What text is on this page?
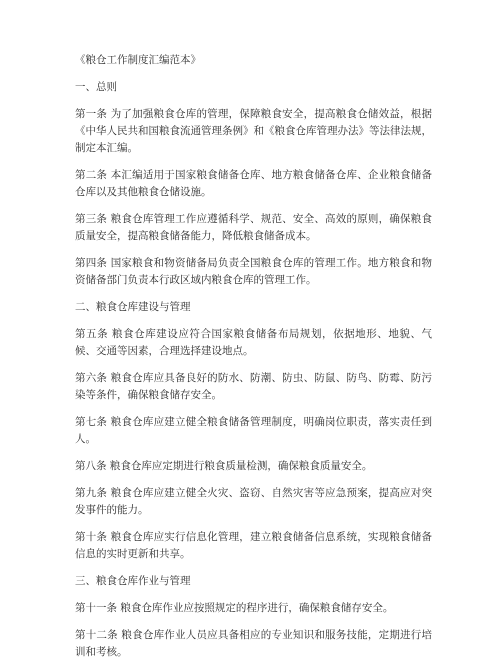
《粮仓工作制度汇编范本》
一、总则
第一条 为了加强粮食仓库的管理，保障粮食安全，提高粮食仓储效益，根据《中华人民共和国粮食流通管理条例》和《粮食仓库管理办法》等法律法规，制定本汇编。
第二条 本汇编适用于国家粮食储备仓库、地方粮食储备仓库、企业粮食储备仓库以及其他粮食仓储设施。
第三条 粮食仓库管理工作应遵循科学、规范、安全、高效的原则，确保粮食质量安全，提高粮食储备能力，降低粮食储备成本。
第四条 国家粮食和物资储备局负责全国粮食仓库的管理工作。地方粮食和物资储备部门负责本行政区域内粮食仓库的管理工作。
二、粮食仓库建设与管理
第五条 粮食仓库建设应符合国家粮食储备布局规划，依据地形、地貌、气候、交通等因素，合理选择建设地点。
第六条 粮食仓库应具备良好的防水、防潮、防虫、防鼠、防鸟、防霉、防污染等条件，确保粮食储存安全。
第七条 粮食仓库应建立健全粮食储备管理制度，明确岗位职责，落实责任到人。
第八条 粮食仓库应定期进行粮食质量检测，确保粮食质量安全。
第九条 粮食仓库应建立健全火灾、盗窃、自然灾害等应急预案，提高应对突发事件的能力。
第十条 粮食仓库应实行信息化管理，建立粮食储备信息系统，实现粮食储备信息的实时更新和共享。
三、粮食仓库作业与管理
第十一条 粮食仓库作业应按照规定的程序进行，确保粮食储存安全。
第十二条 粮食仓库作业人员应具备相应的专业知识和服务技能，定期进行培训和考核。
